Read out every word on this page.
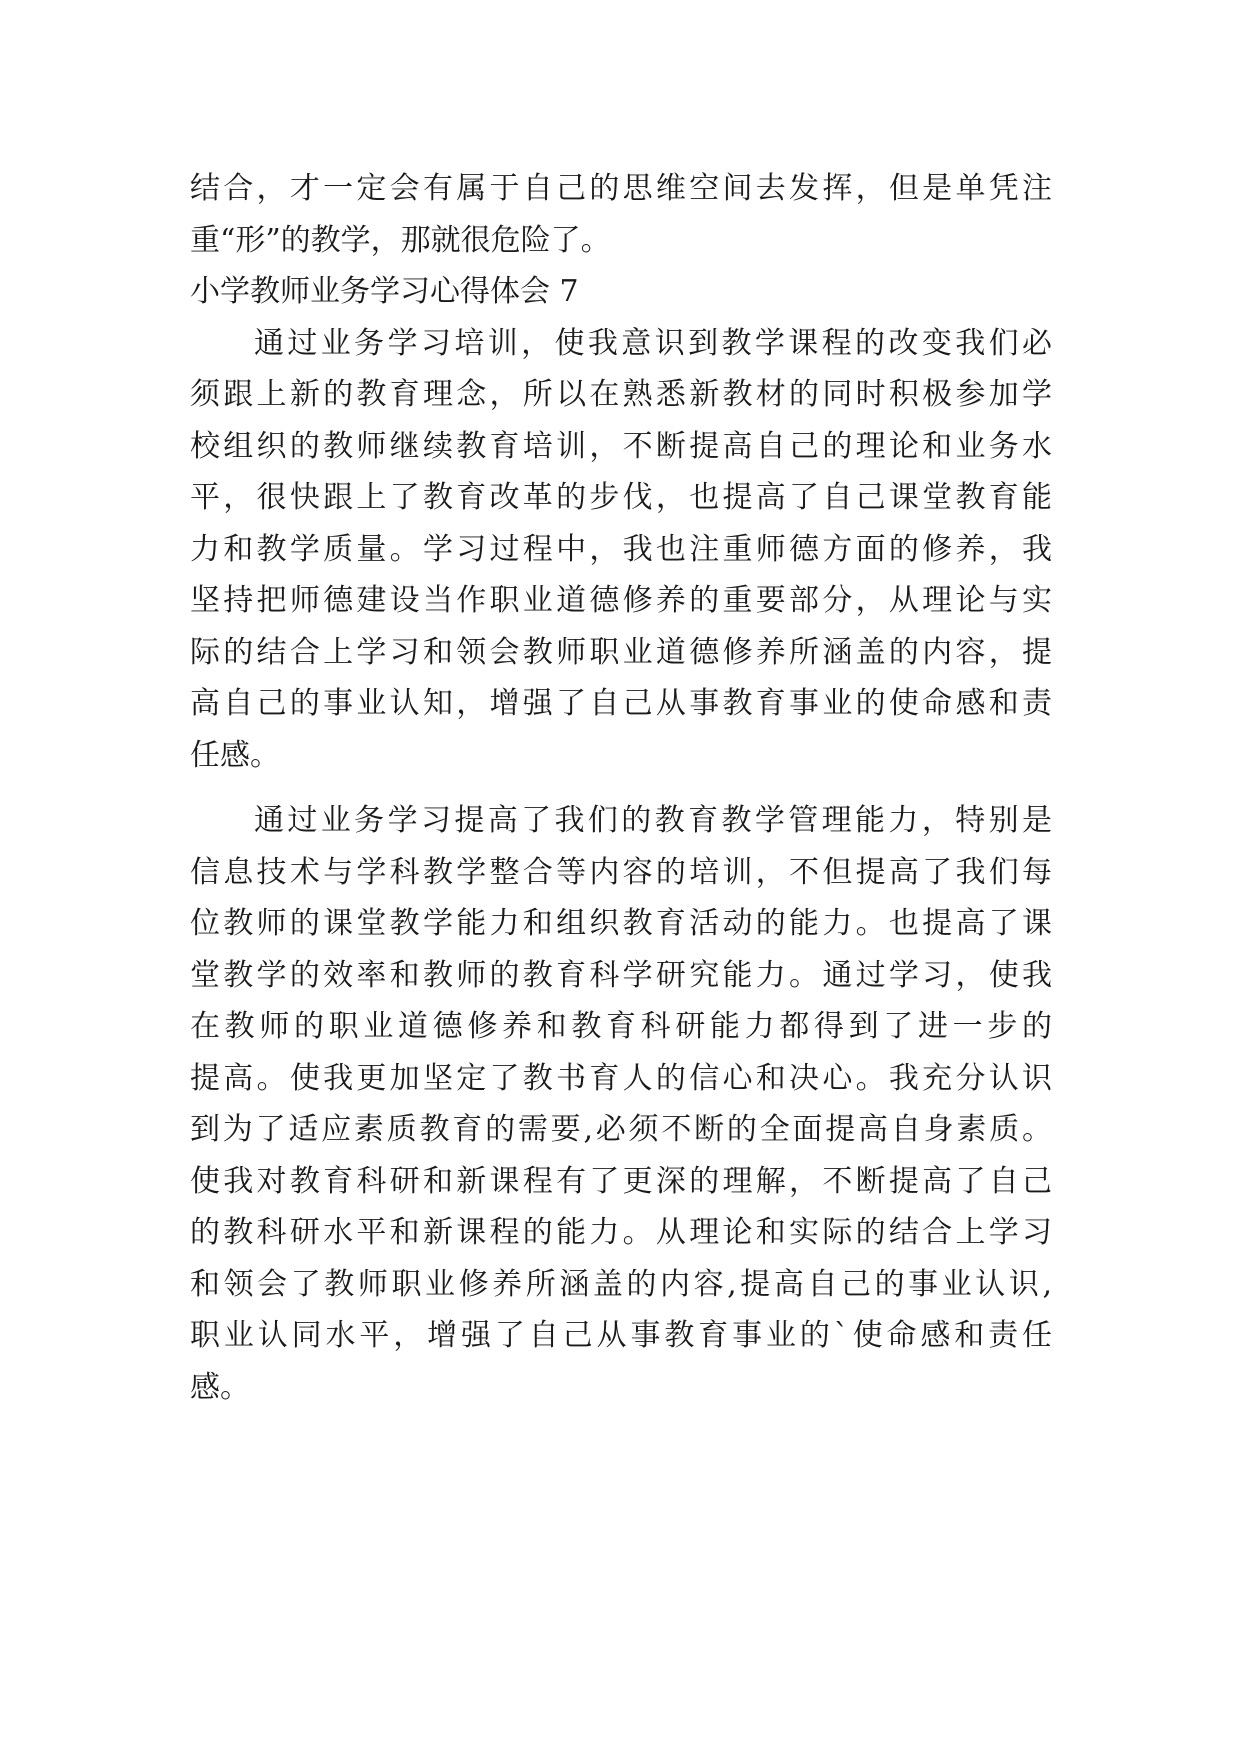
结合，才一定会有属于自己的思维空间去发挥，但是单凭注
重“形”的教学，那就很危险了。
小学教师业务学习心得体会 7
通过业务学习培训，使我意识到教学课程的改变我们必
须跟上新的教育理念，所以在熟悉新教材的同时积极参加学
校组织的教师继续教育培训，不断提高自己的理论和业务水
平，很快跟上了教育改革的步伐，也提高了自己课堂教育能
力和教学质量。学习过程中，我也注重师德方面的修养，我
坚持把师德建设当作职业道德修养的重要部分，从理论与实
际的结合上学习和领会教师职业道德修养所涵盖的内容，提
高自己的事业认知，增强了自己从事教育事业的使命感和责
任感。
通过业务学习提高了我们的教育教学管理能力，特别是
信息技术与学科教学整合等内容的培训，不但提高了我们每
位教师的课堂教学能力和组织教育活动的能力。也提高了课
堂教学的效率和教师的教育科学研究能力。通过学习，使我
在教师的职业道德修养和教育科研能力都得到了进一步的
提高。使我更加坚定了教书育人的信心和决心。我充分认识
到为了适应素质教育的需要,必须不断的全面提高自身素质。
使我对教育科研和新课程有了更深的理解，不断提高了自己
的教科研水平和新课程的能力。从理论和实际的结合上学习
和领会了教师职业修养所涵盖的内容,提高自己的事业认识,
职业认同水平，增强了自己从事教育事业的`使命感和责任
感。
